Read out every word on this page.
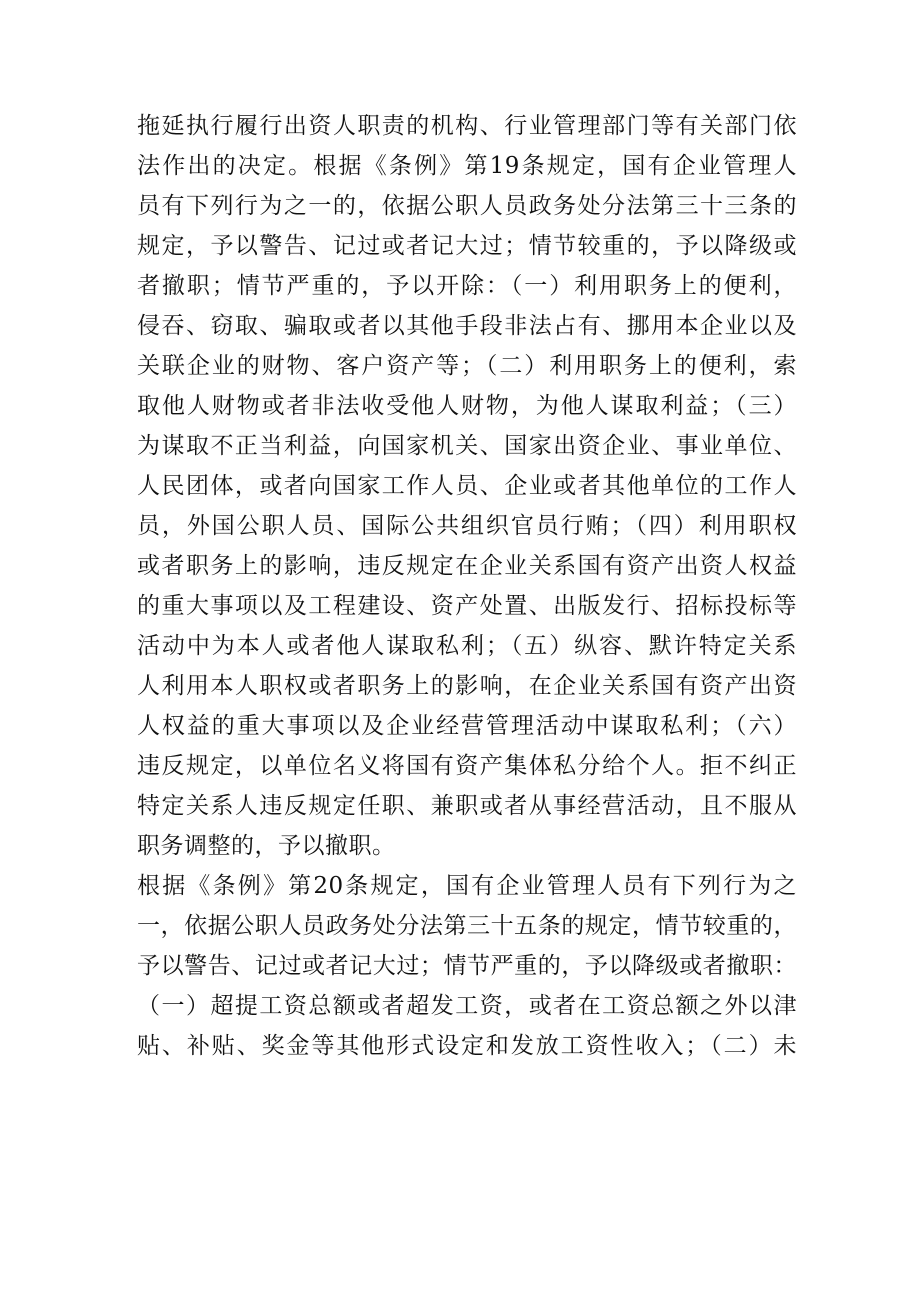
拖延执行履行出资人职责的机构、行业管理部门等有关部门依
法作出的决定。根据《条例》第19条规定，国有企业管理人
员有下列行为之一的，依据公职人员政务处分法第三十三条的
规定，予以警告、记过或者记大过；情节较重的，予以降级或
者撤职；情节严重的，予以开除：（一）利用职务上的便利，
侵吞、窃取、骗取或者以其他手段非法占有、挪用本企业以及
关联企业的财物、客户资产等；（二）利用职务上的便利，索
取他人财物或者非法收受他人财物，为他人谋取利益；（三）
为谋取不正当利益，向国家机关、国家出资企业、事业单位、
人民团体，或者向国家工作人员、企业或者其他单位的工作人
员，外国公职人员、国际公共组织官员行贿；（四）利用职权
或者职务上的影响，违反规定在企业关系国有资产出资人权益
的重大事项以及工程建设、资产处置、出版发行、招标投标等
活动中为本人或者他人谋取私利；（五）纵容、默许特定关系
人利用本人职权或者职务上的影响，在企业关系国有资产出资
人权益的重大事项以及企业经营管理活动中谋取私利；（六）
违反规定，以单位名义将国有资产集体私分给个人。拒不纠正
特定关系人违反规定任职、兼职或者从事经营活动，且不服从
职务调整的，予以撤职。
根据《条例》第20条规定，国有企业管理人员有下列行为之
一，依据公职人员政务处分法第三十五条的规定，情节较重的，
予以警告、记过或者记大过；情节严重的，予以降级或者撤职：
（一）超提工资总额或者超发工资，或者在工资总额之外以津
贴、补贴、奖金等其他形式设定和发放工资性收入；（二）未
